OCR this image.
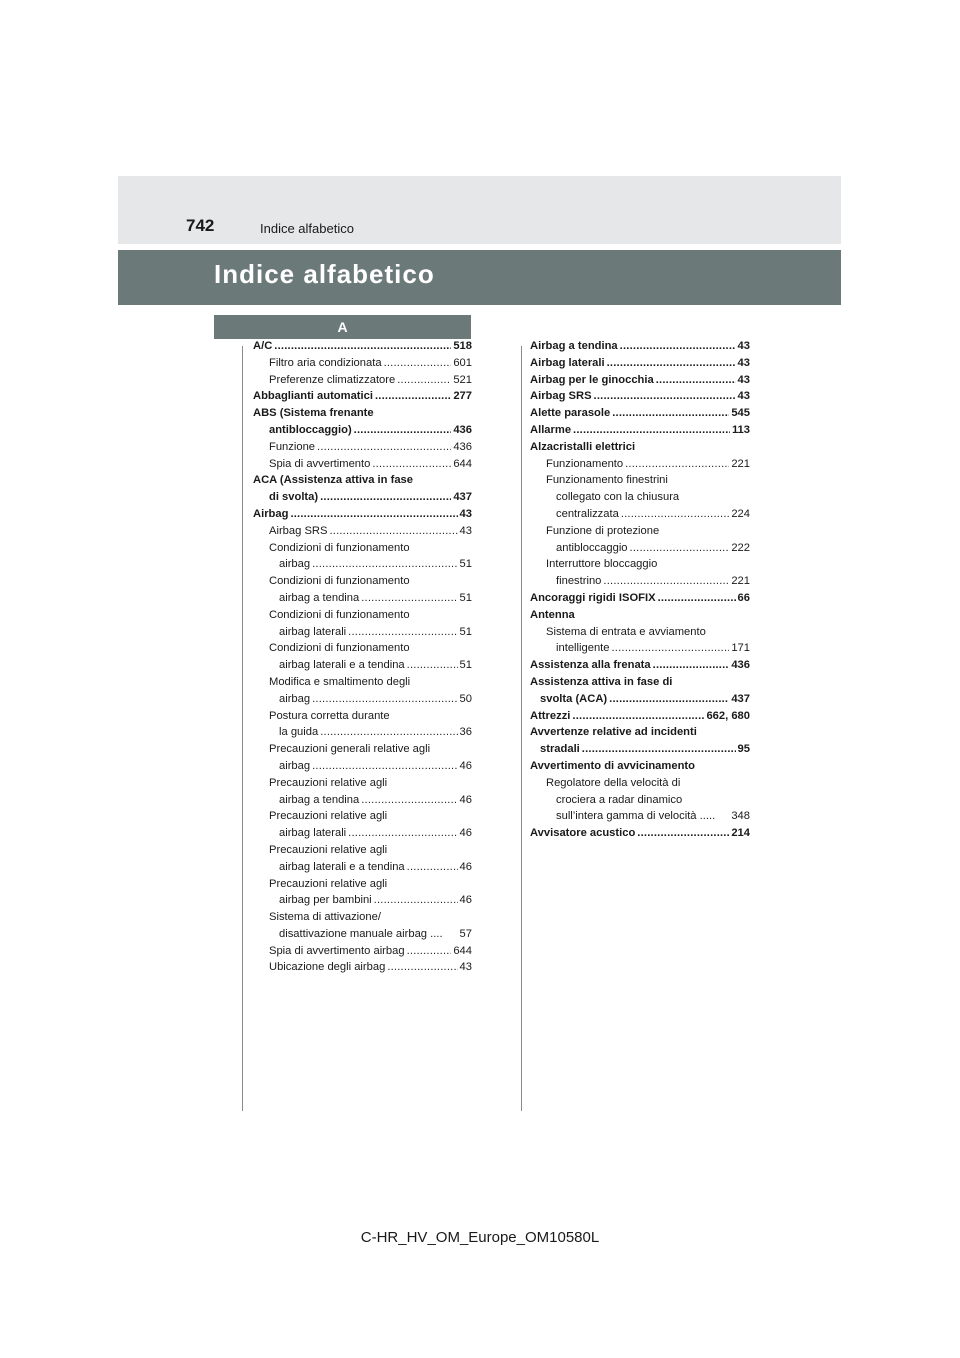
742	Indice alfabetico
Indice alfabetico
A
A/C .....	518
Filtro aria condizionata .....	601
Preferenze climatizzatore .....	521
Abbaglianti automatici .....	277
ABS (Sistema frenante
antibloccaggio) .....	436
Funzione .....	436
Spia di avvertimento .....	644
ACA (Assistenza attiva in fase
di svolta) .....	437
Airbag .....	43
Airbag SRS .....	43
Condizioni di funzionamento
airbag .....	51
Condizioni di funzionamento
airbag a tendina .....	51
Condizioni di funzionamento
airbag laterali .....	51
Condizioni di funzionamento
airbag laterali e a tendina .....	51
Modifica e smaltimento degli
airbag .....	50
Postura corretta durante
la guida .....	36
Precauzioni generali relative agli
airbag .....	46
Precauzioni relative agli
airbag a tendina .....	46
Precauzioni relative agli
airbag laterali .....	46
Precauzioni relative agli
airbag laterali e a tendina .....	46
Precauzioni relative agli
airbag per bambini .....	46
Sistema di attivazione/
disattivazione manuale airbag .... 57
Spia di avvertimento airbag .....	644
Ubicazione degli airbag .....	43
Airbag a tendina .....	43
Airbag laterali .....	43
Airbag per le ginocchia .....	43
Airbag SRS .....	43
Alette parasole .....	545
Allarme .....	113
Alzacristalli elettrici
Funzionamento .....	221
Funzionamento finestrini
collegato con la chiusura
centralizzata .....	224
Funzione di protezione
antibloccaggio .....	222
Interruttore bloccaggio
finestrino .....	221
Ancoraggi rigidi ISOFIX .....	66
Antenna
Sistema di entrata e avviamento
intelligente .....	171
Assistenza alla frenata .....	436
Assistenza attiva in fase di
svolta (ACA) .....	437
Attrezzi .....	662, 680
Avvertenze relative ad incidenti
stradali .....	95
Avvertimento di avvicinamento
Regolatore della velocità di
crociera a radar dinamico
sull’intera gamma di velocità ..... 348
Avvisatore acustico .....	214
C-HR_HV_OM_Europe_OM10580L
